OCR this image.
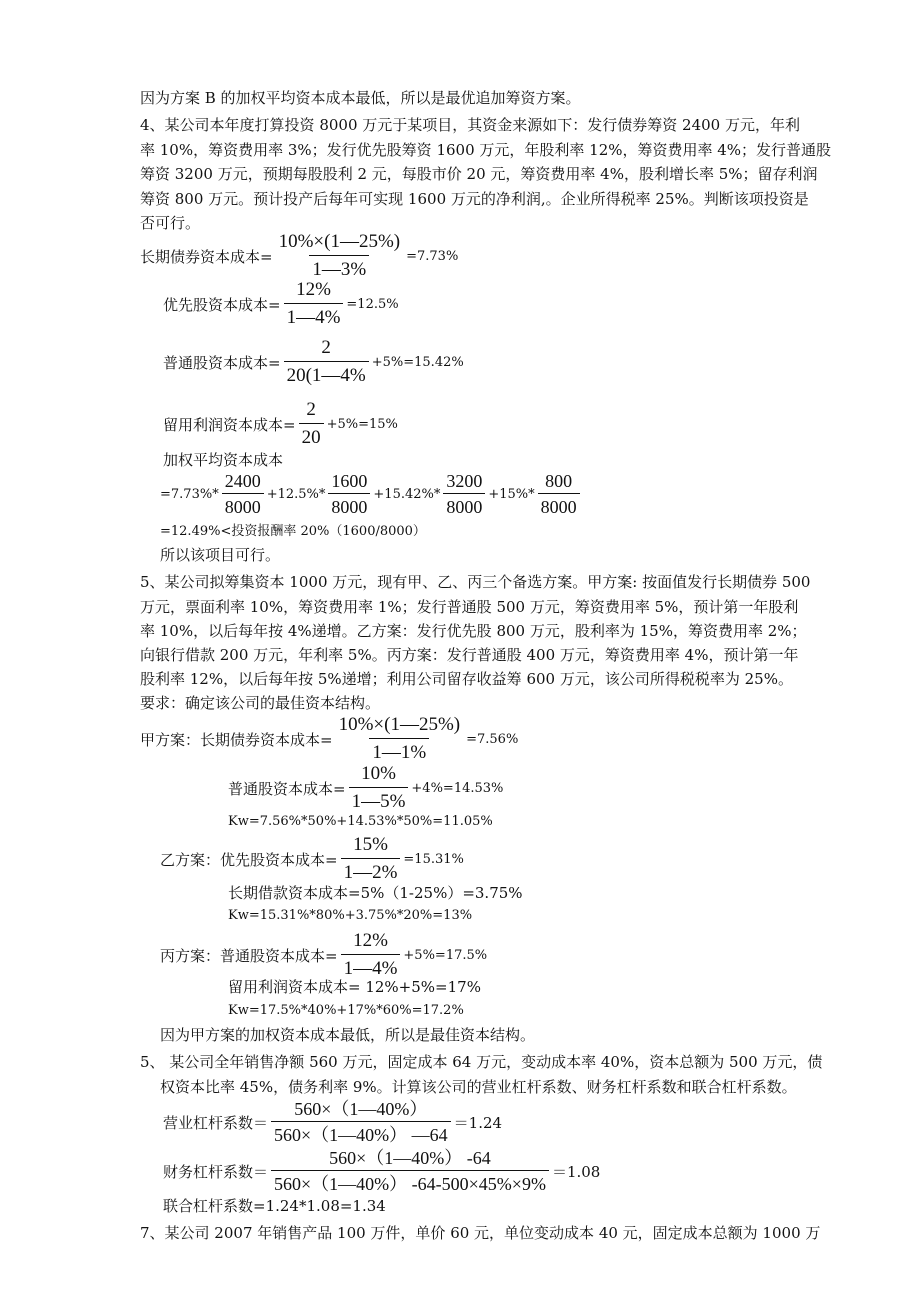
因为方案 B 的加权平均资本成本最低，所以是最优追加筹资方案。
4、某公司本年度打算投资 8000 万元于某项目，其资金来源如下：发行债券筹资 2400 万元，年利
率 10%，筹资费用率 3%；发行优先股筹资 1600 万元，年股利率 12%，筹资费用率 4%；发行普通股
筹资 3200 万元，预期每股股利 2 元，每股市价 20 元，筹资费用率 4%，股利增长率 5%；留存利润
筹资 800 万元。预计投产后每年可实现 1600 万元的净利润,。企业所得税率 25%。判断该项投资是
否可行。
长期债券资本成本= $\frac{10\%\times(1—25\%)}{1—3\%} =7.73\%$
优先股资本成本= $\frac{12\%}{1—4\%} =12.5\%$
普通股资本成本= $\frac{2}{20(1—4\%} +5\%=15.42\%$
留用利润资本成本= $\frac{2}{20} +5\%=15\%$
加权平均资本成本
$=7.73\%* \frac{2400}{8000} +12.5\%* \frac{1600}{8000} +15.42\%* \frac{3200}{8000} +15\%* \frac{800}{8000}$
=12.49%<投资报酬率 20%（1600/8000）
所以该项目可行。
5、某公司拟筹集资本 1000 万元，现有甲、乙、丙三个备选方案。甲方案: 按面值发行长期债券 500
万元，票面利率 10%，筹资费用率 1%；发行普通股 500 万元，筹资费用率 5%，预计第一年股利
率 10%，以后每年按 4%递增。乙方案：发行优先股 800 万元，股利率为 15%，筹资费用率 2%；
向银行借款 200 万元，年利率 5%。丙方案：发行普通股 400 万元，筹资费用率 4%，预计第一年
股利率 12%，以后每年按 5%递增；利用公司留存收益筹 600 万元，该公司所得税税率为 25%。
要求：确定该公司的最佳资本结构。
甲方案：长期债券资本成本= $\frac{10\%\times(1—25\%)}{1—1\%} =7.56\%$
普通股资本成本= $\frac{10\%}{1—5\%} +4\%=14.53\%$
Kw=7.56%*50%+14.53%*50%=11.05%
乙方案：优先股资本成本= $\frac{15\%}{1—2\%} =15.31\%$
长期借款资本成本=5%（1-25%）=3.75%
Kw=15.31%*80%+3.75%*20%=13%
丙方案：普通股资本成本= $\frac{12\%}{1—4\%} +5\%=17.5\%$
留用利润资本成本= 12%+5%=17%
Kw=17.5%*40%+17%*60%=17.2%
因为甲方案的加权资本成本最低，所以是最佳资本结构。
5、 某公司全年销售净额 560 万元，固定成本 64 万元，变动成本率 40%，资本总额为 500 万元，债
权资本比率 45%，债务利率 9%。计算该公司的营业杠杆系数、财务杠杆系数和联合杠杆系数。
营业杠杆系数＝ $\frac{560\times(1—40\%)}{560\times(1—40\%) —64} =1.24$
财务杠杆系数＝ $\frac{560\times(1—40\%) -64}{560\times(1—40\%) -64-500\times 45\%\times 9\%} =1.08$
联合杠杆系数=1.24*1.08=1.34
7、某公司 2007 年销售产品 100 万件，单价 60 元，单位变动成本 40 元，固定成本总额为 1000 万
